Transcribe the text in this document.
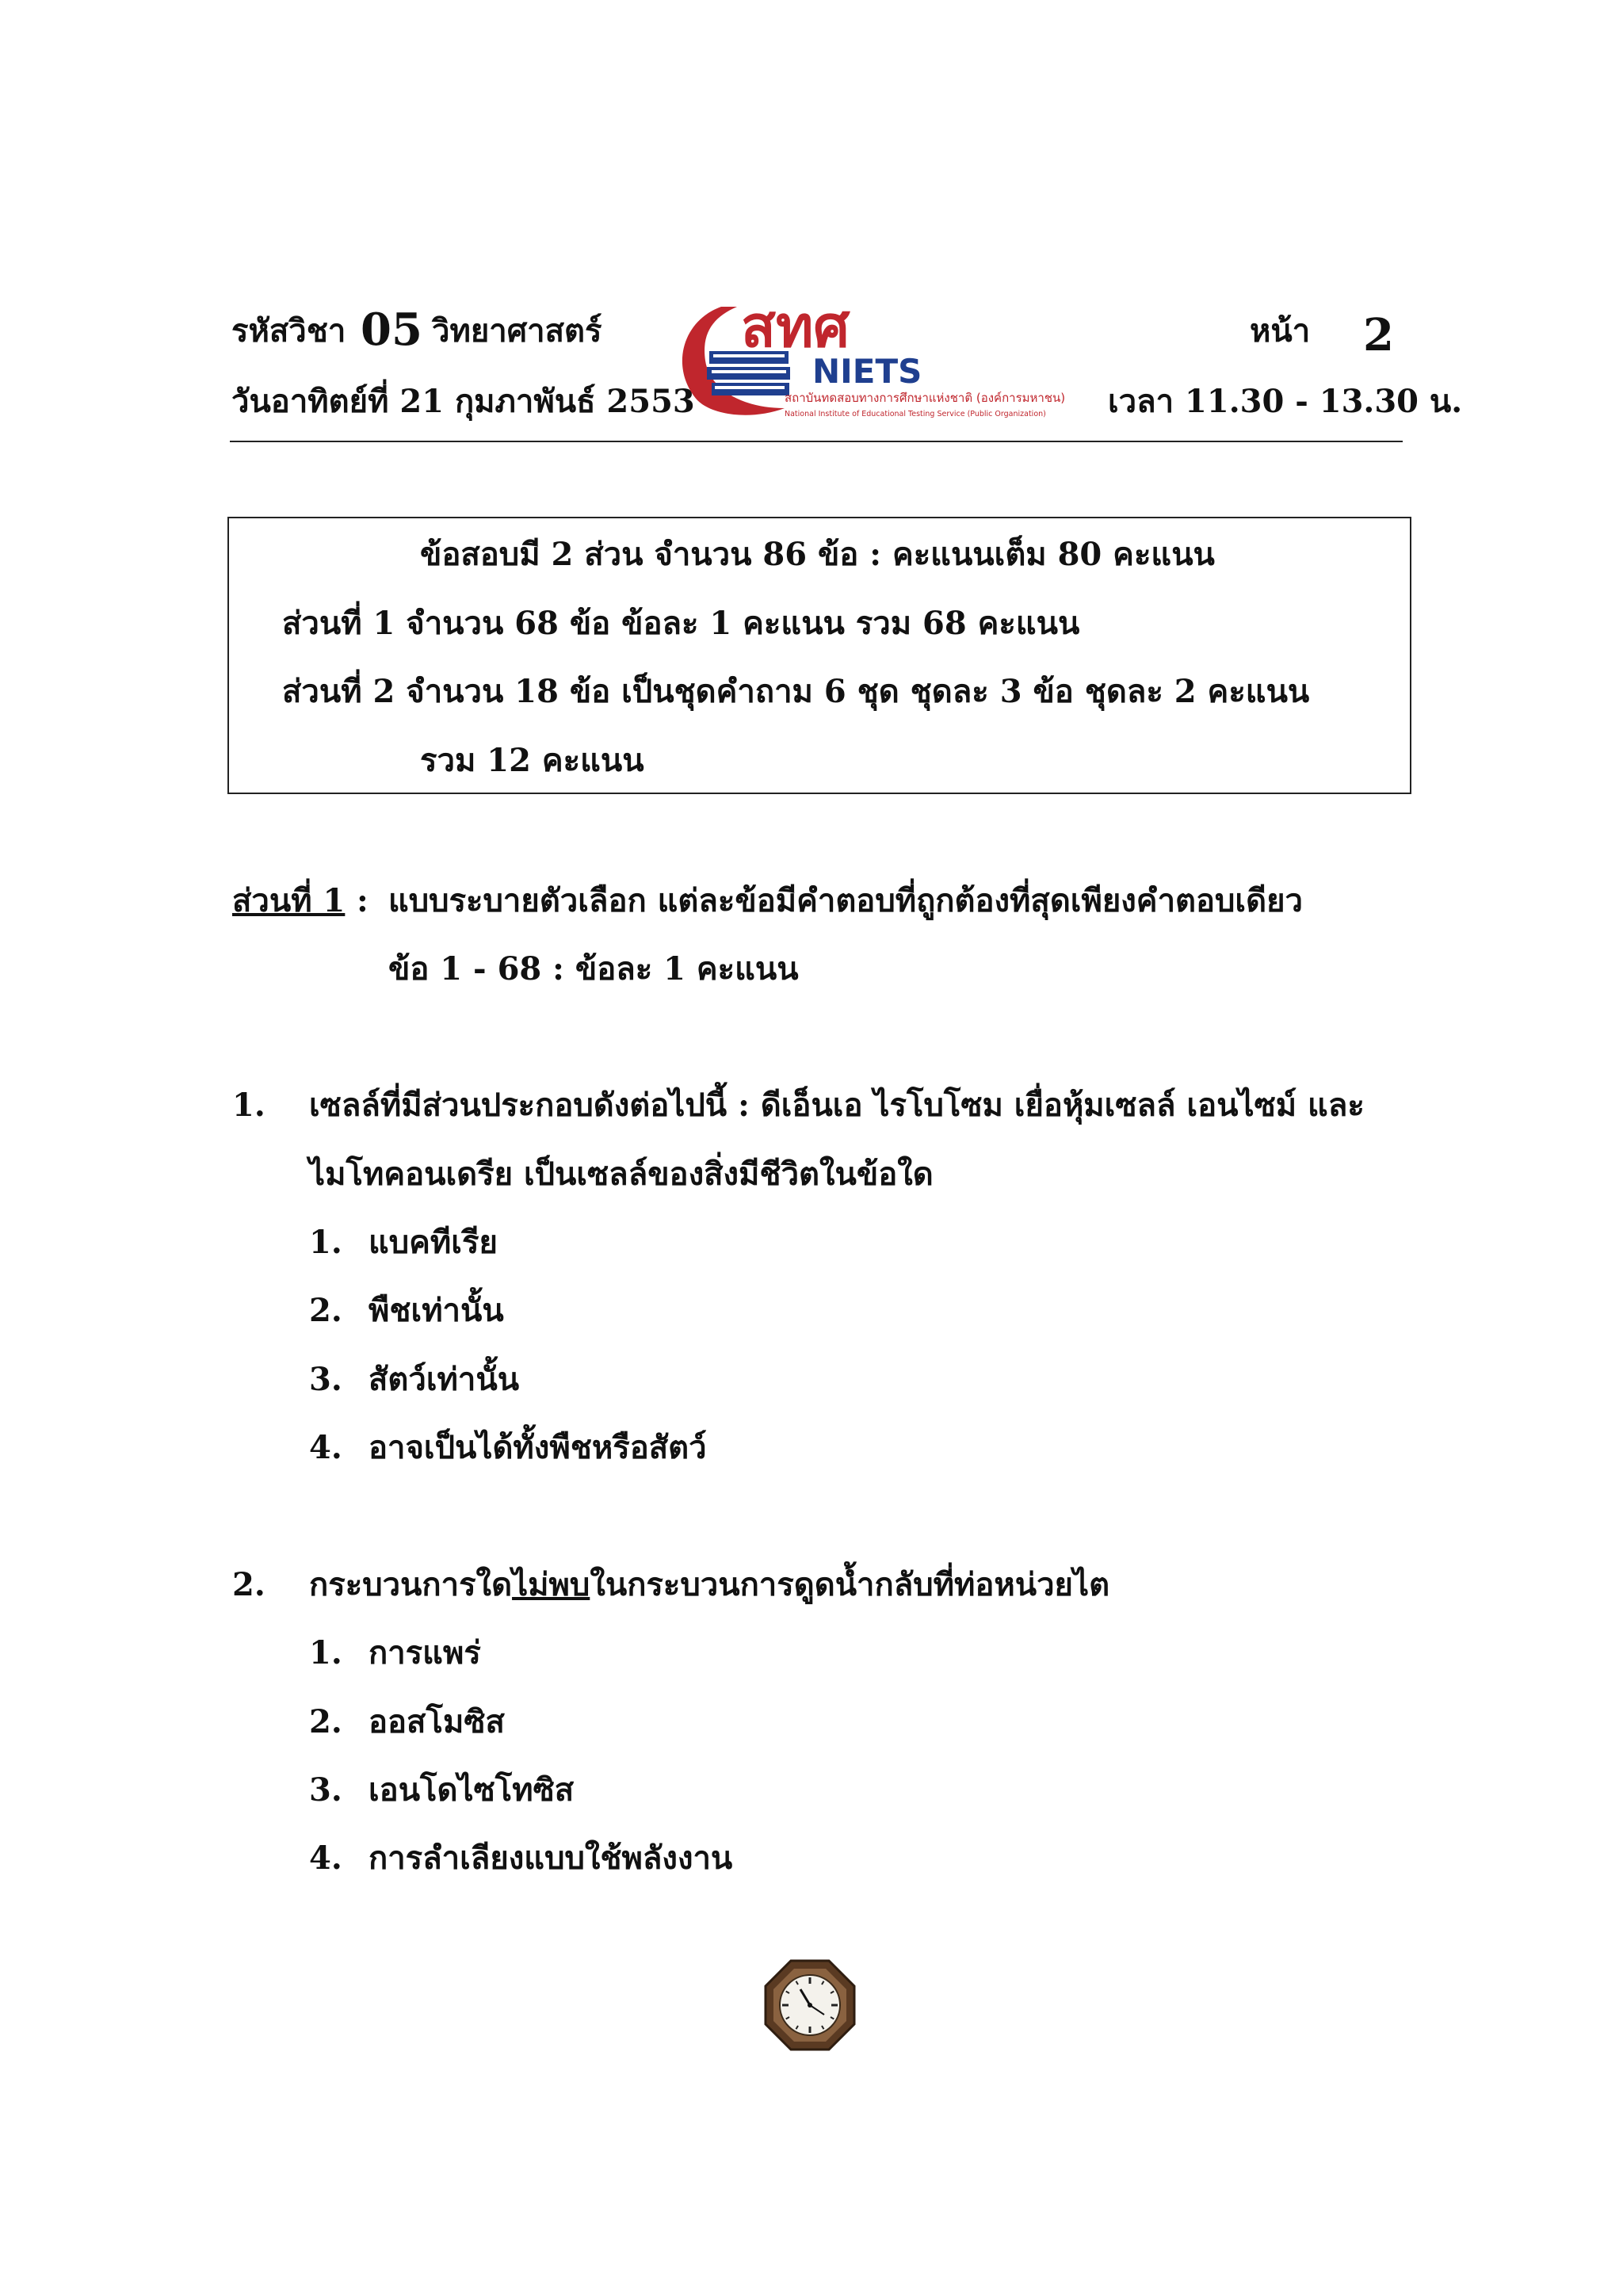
รหัสวิชา 05 วิทยาศาสตร์	หน้า 2
วันอาทิตย์ที่ 21 กุมภาพันธ์ 2553	เวลา 11.30 - 13.30 น.
สทศ
NIETS
สถาบันทดสอบทางการศึกษาแห่งชาติ (องค์การมหาชน)
National Institute of Educational Testing Service (Public Organization)
ข้อสอบมี 2 ส่วน จำนวน 86 ข้อ : คะแนนเต็ม 80 คะแนน
ส่วนที่ 1 จำนวน 68 ข้อ ข้อละ 1 คะแนน รวม 68 คะแนน
ส่วนที่ 2 จำนวน 18 ข้อ เป็นชุดคำถาม 6 ชุด ชุดละ 3 ข้อ ชุดละ 2 คะแนน
รวม 12 คะแนน
ส่วนที่ 1 : แบบระบายตัวเลือก แต่ละข้อมีคำตอบที่ถูกต้องที่สุดเพียงคำตอบเดียว
ข้อ 1 - 68 : ข้อละ 1 คะแนน
1. เซลล์ที่มีส่วนประกอบดังต่อไปนี้ : ดีเอ็นเอ ไรโบโซม เยื่อหุ้มเซลล์ เอนไซม์ และ
ไมโทคอนเดรีย เป็นเซลล์ของสิ่งมีชีวิตในข้อใด
1. แบคทีเรีย
2. พืชเท่านั้น
3. สัตว์เท่านั้น
4. อาจเป็นได้ทั้งพืชหรือสัตว์
2. กระบวนการใดไม่พบในกระบวนการดูดน้ำกลับที่ท่อหน่วยไต
1. การแพร่
2. ออสโมซิส
3. เอนโดไซโทซิส
4. การลำเลียงแบบใช้พลังงาน
